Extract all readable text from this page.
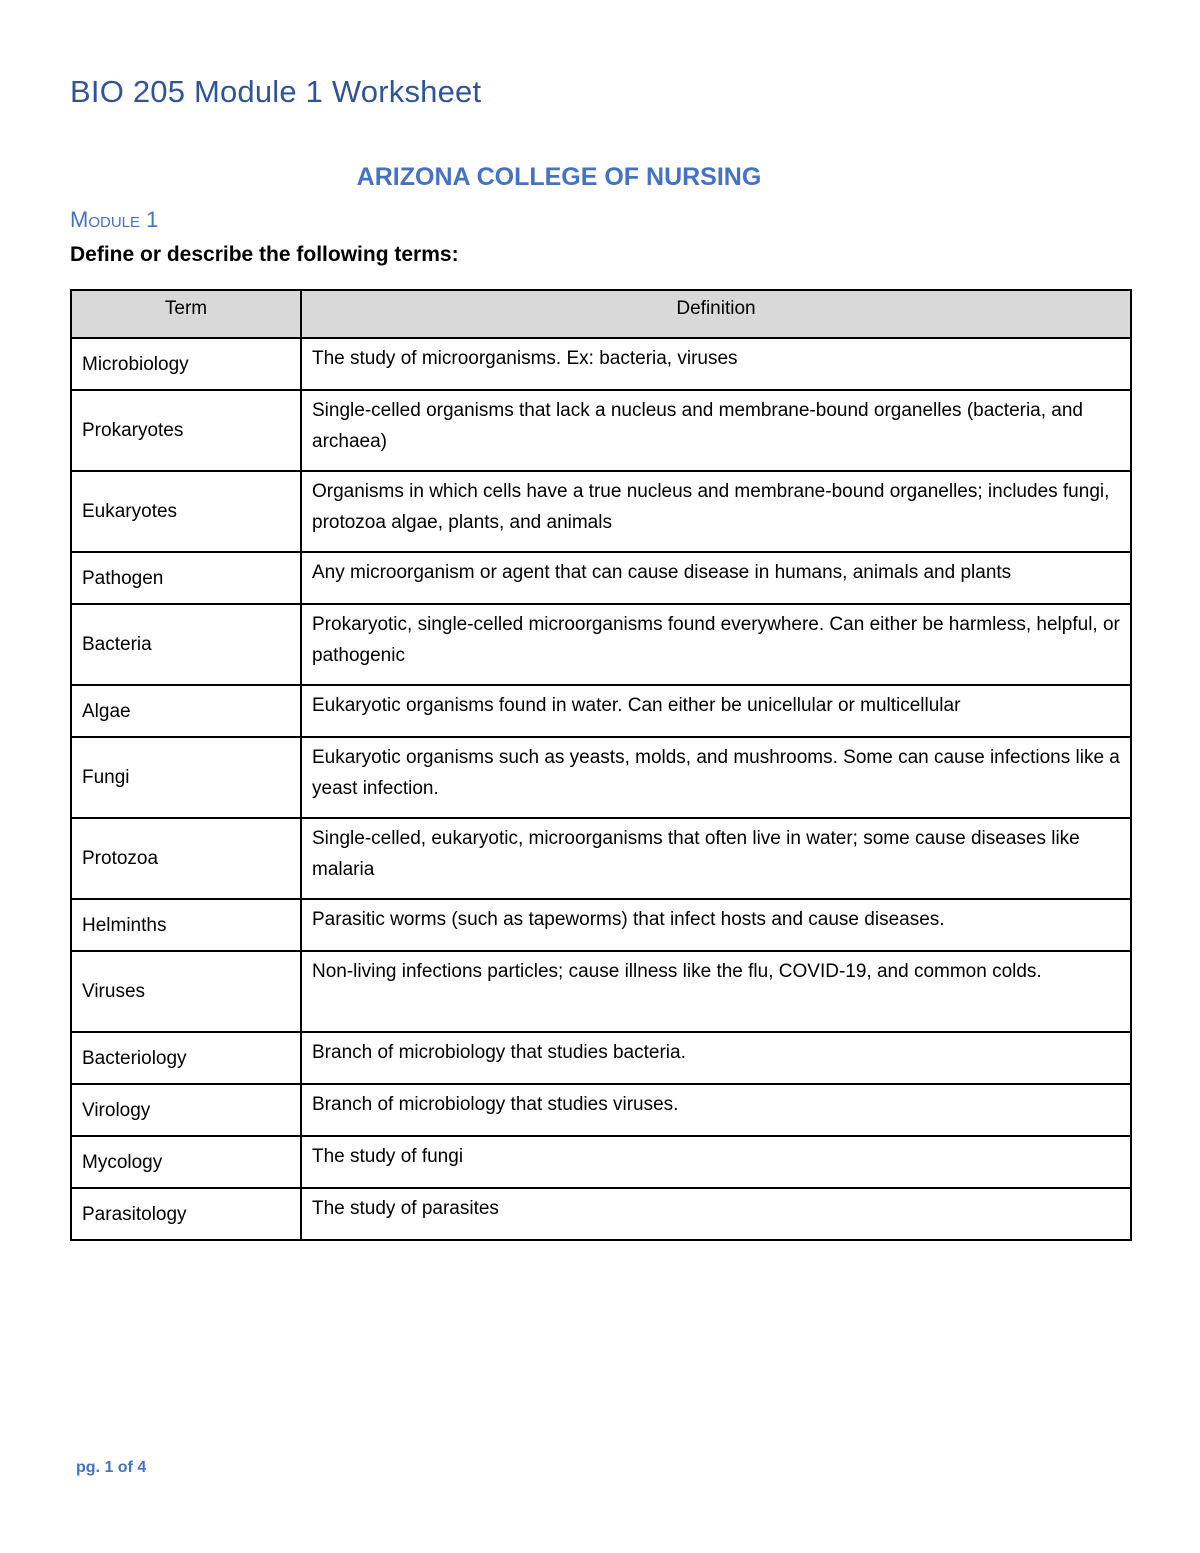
BIO 205 Module 1 Worksheet
ARIZONA COLLEGE OF NURSING
Module 1
Define or describe the following terms:
Term	Definition
Microbiology	The study of microorganisms. Ex: bacteria, viruses
Prokaryotes	Single-celled organisms that lack a nucleus and membrane-bound organelles (bacteria, and archaea)
Eukaryotes	Organisms in which cells have a true nucleus and membrane-bound organelles; includes fungi, protozoa algae, plants, and animals
Pathogen	Any microorganism or agent that can cause disease in humans, animals and plants
Bacteria	Prokaryotic, single-celled microorganisms found everywhere. Can either be harmless, helpful, or pathogenic
Algae	Eukaryotic organisms found in water. Can either be unicellular or multicellular
Fungi	Eukaryotic organisms such as yeasts, molds, and mushrooms. Some can cause infections like a yeast infection.
Protozoa	Single-celled, eukaryotic, microorganisms that often live in water; some cause diseases like malaria
Helminths	Parasitic worms (such as tapeworms) that infect hosts and cause diseases.
Viruses	Non-living infections particles; cause illness like the flu, COVID-19, and common colds.
Bacteriology	Branch of microbiology that studies bacteria.
Virology	Branch of microbiology that studies viruses.
Mycology	The study of fungi
Parasitology	The study of parasites
pg. 1 of 4
